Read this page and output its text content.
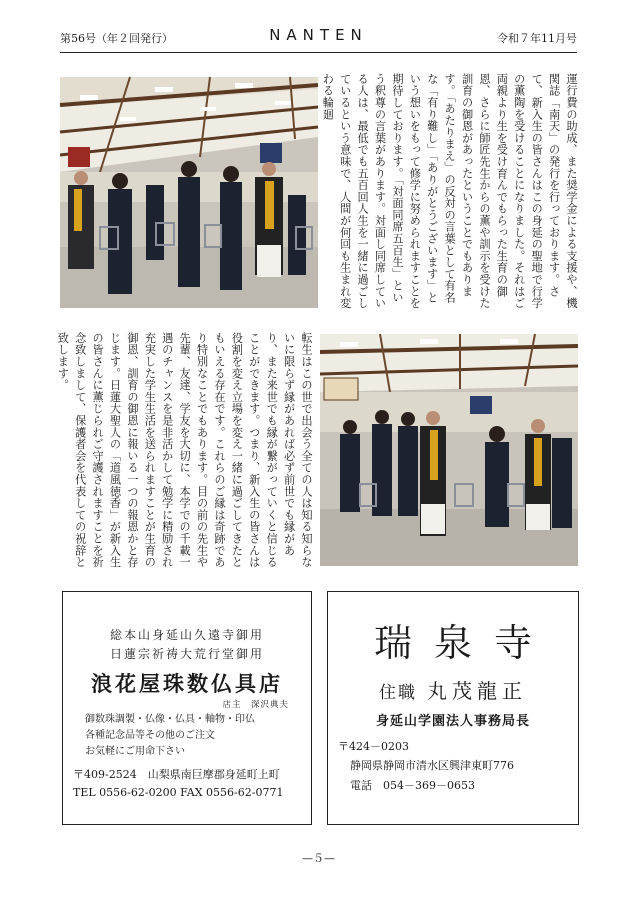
第56号（年２回発行）	NANTEN	令和７年11月号
運行費の助成、また奨学金による支援や、機関誌「南天」の発行を行っております。さて、新入生の皆さんはこの身延の聖地で行学の薫陶を受けることになりました。それはご両親より生を受け育んでもらった生育の御恩、さらに師匠先生からの薫や訓示を受けた訓育の御恩があったということでもあります。「あたりまえ」の反対の言葉として有名な「有り難し」「ありがとうございます」という想いをもって修学に努められますことを期待しております。「対面同席五百生」という釈尊の言葉があります。対面し同席している人は、最低でも五百回人生を一緒に過ごしているという意味で、人間が何回も生まれ変わる輪廻
転生はこの世で出会う全ての人は知る知らないに限らず縁があれば必ず前世でも縁があり、また来世でも縁が繋がっていくと信じることができます。つまり、新入生の皆さんは役割を変え立場を変え一緒に過ごしてきたともいえる存在です。これらのご縁は奇跡であり特別なことでもあります。目の前の先生や先輩、友達、学友を大切に、本学での千載一遇のチャンスを是非活かして勉学に精励され充実した学生生活を送られますことが生育の御恩、訓育の御恩に報いる一つの報恩かと存じます。日蓮大聖人の「道風徳香」が新入生の皆さんに薫じられご守護されますことを祈念致しまして、保護者会を代表しての祝辞と致します。
総本山身延山久遠寺御用
日蓮宗祈祷大荒行堂御用
浪花屋珠数仏具店
店主　深沢典夫
御数珠調製・仏像・仏具・軸物・印仏
各種記念品等その他のご注文
お気軽にご用命下さい
〒409-2524　山梨県南巨摩郡身延町上町
TEL 0556-62-0200 FAX 0556-62-0771
瑞泉寺
住職 丸茂龍正
身延山学園法人事務局長
〒424－0203
静岡県静岡市清水区興津東町776
電話　054－369－0653
—５—
